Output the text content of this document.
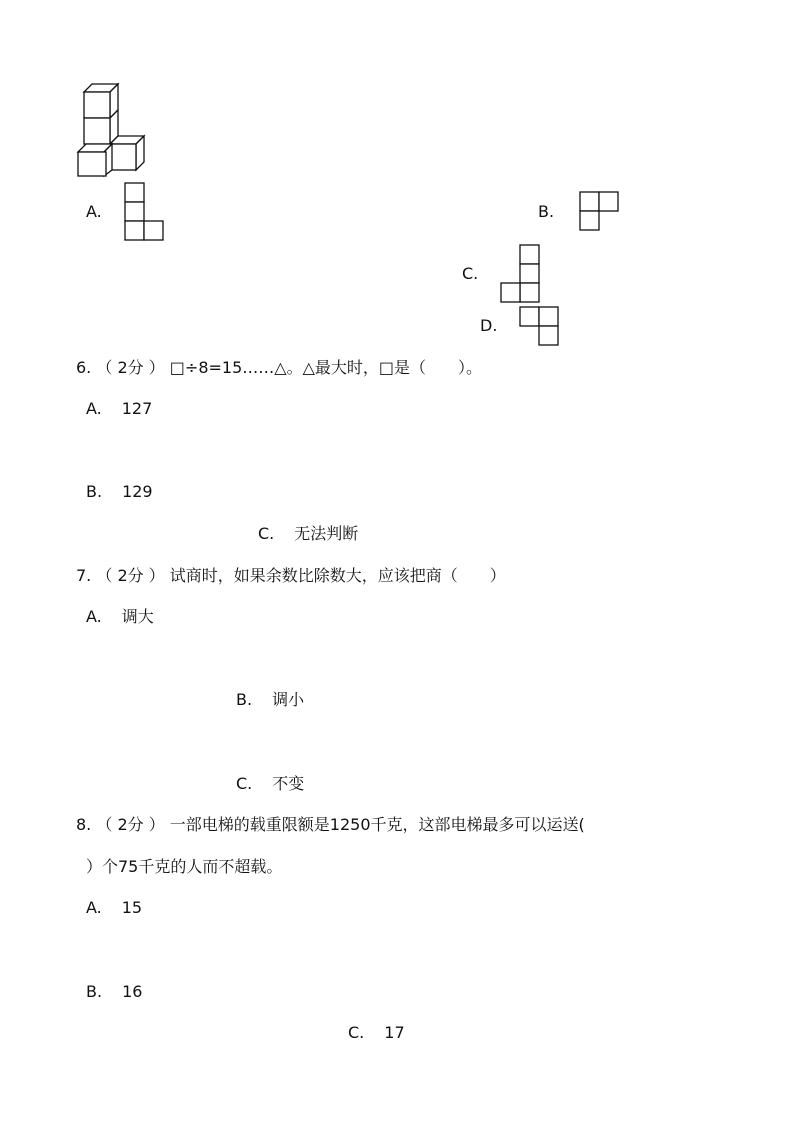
A.	B.
C.
D.
6. （ 2分 ） □÷8=15……△。△最大时，□是（　　）。
A. 127
B. 129
C. 无法判断
7. （ 2分 ） 试商时，如果余数比除数大，应该把商（　　）
A. 调大
B. 调小
C. 不变
8. （ 2分 ） 一部电梯的载重限额是1250千克，这部电梯最多可以运送(
）个75千克的人而不超载。
A. 15
B. 16
C. 17
